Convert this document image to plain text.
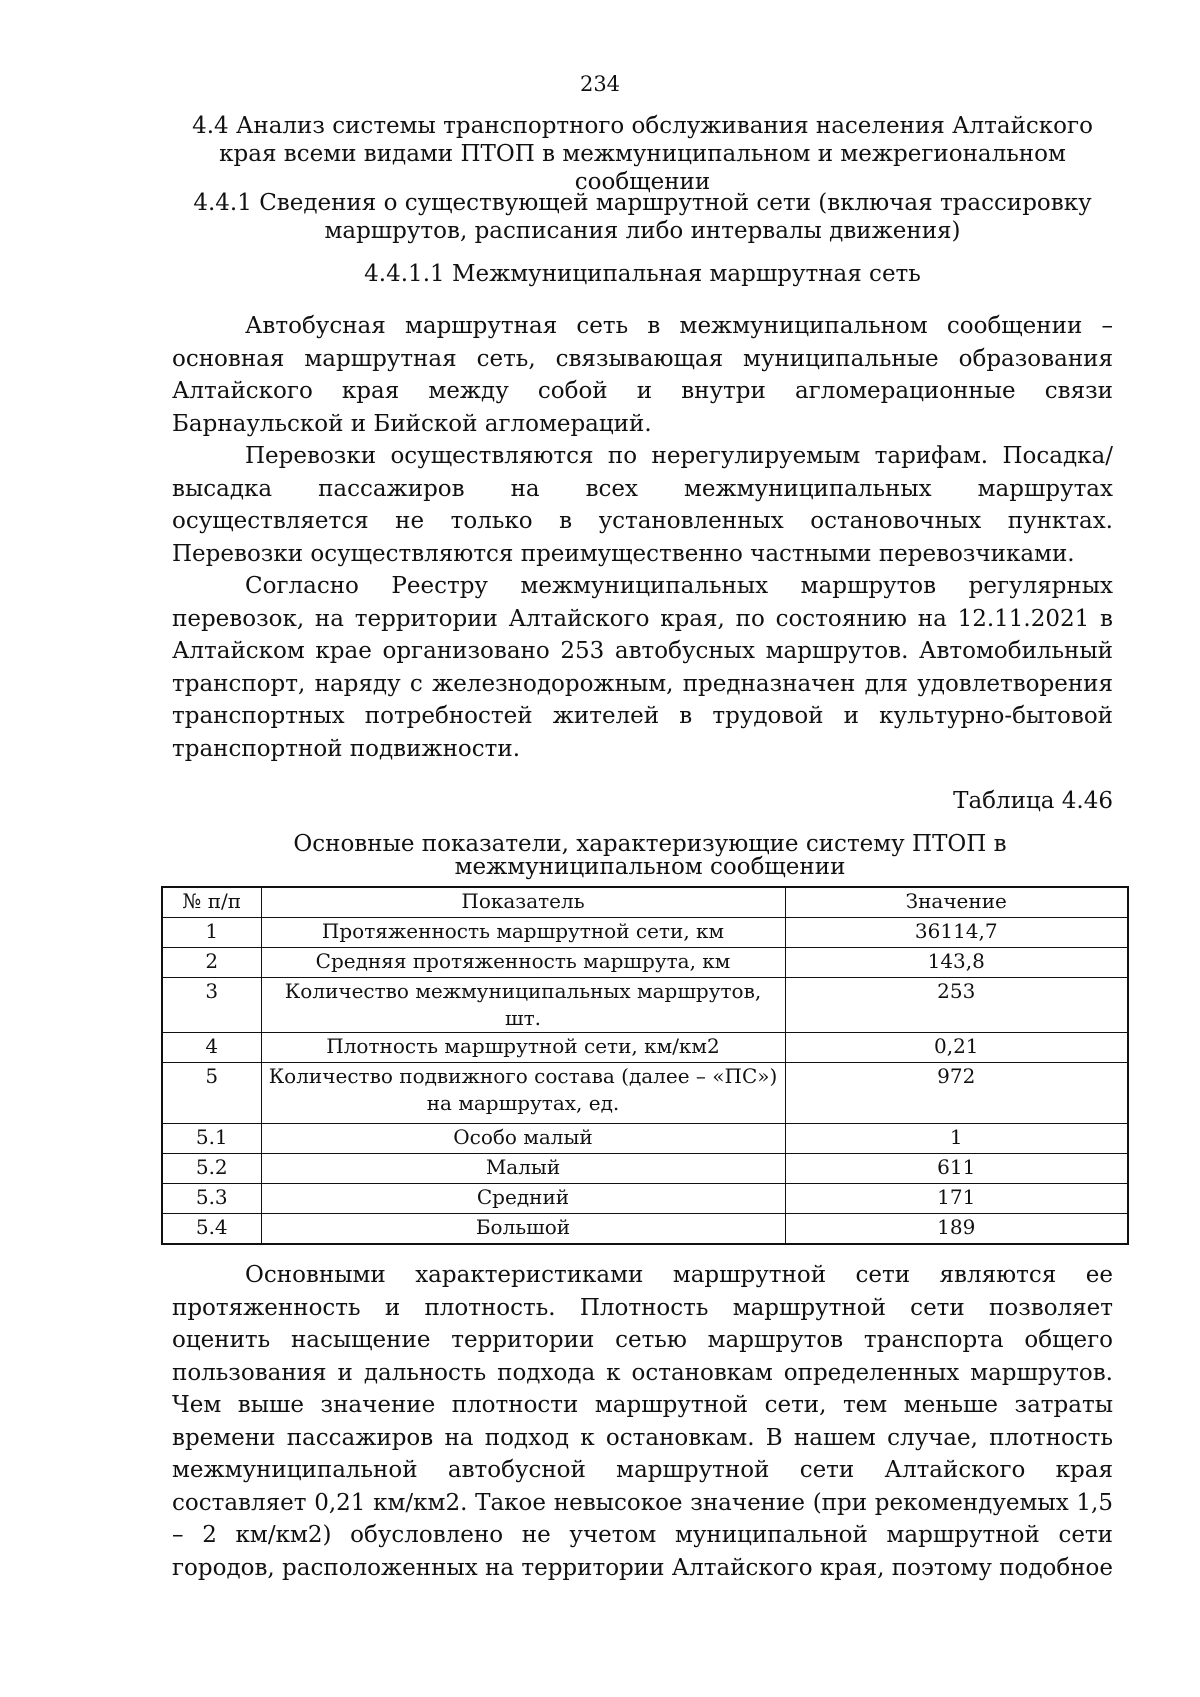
234
4.4 Анализ системы транспортного обслуживания населения Алтайского края всеми видами ПТОП в межмуниципальном и межрегиональном сообщении
4.4.1 Сведения о существующей маршрутной сети (включая трассировку маршрутов, расписания либо интервалы движения)
4.4.1.1 Межмуниципальная маршрутная сеть

Автобусная маршрутная сеть в межмуниципальном сообщении – основная маршрутная сеть, связывающая муниципальные образования Алтайского края между собой и внутри агломерационные связи Барнаульской и Бийской агломераций.

Перевозки осуществляются по нерегулируемым тарифам. Посадка/высадка пассажиров на всех межмуниципальных маршрутах осуществляется не только в установленных остановочных пунктах. Перевозки осуществляются преимущественно частными перевозчиками.

Согласно Реестру межмуниципальных маршрутов регулярных перевозок, на территории Алтайского края, по состоянию на 12.11.2021 в Алтайском крае организовано 253 автобусных маршрутов. Автомобильный транспорт, наряду с железнодорожным, предназначен для удовлетворения транспортных потребностей жителей в трудовой и культурно-бытовой транспортной подвижности.

Таблица 4.46
Основные показатели, характеризующие систему ПТОП в межмуниципальном сообщении
№ п/п	Показатель	Значение
1	Протяженность маршрутной сети, км	36114,7
2	Средняя протяженность маршрута, км	143,8
3	Количество межмуниципальных маршрутов, шт.	253
4	Плотность маршрутной сети, км/км2	0,21
5	Количество подвижного состава (далее – «ПС») на маршрутах, ед.	972
5.1	Особо малый	1
5.2	Малый	611
5.3	Средний	171
5.4	Большой	189

Основными характеристиками маршрутной сети являются ее протяженность и плотность. Плотность маршрутной сети позволяет оценить насыщение территории сетью маршрутов транспорта общего пользования и дальность подхода к остановкам определенных маршрутов. Чем выше значение плотности маршрутной сети, тем меньше затраты времени пассажиров на подход к остановкам. В нашем случае, плотность межмуниципальной автобусной маршрутной сети Алтайского края составляет 0,21 км/км2. Такое невысокое значение (при рекомендуемых 1,5 – 2 км/км2) обусловлено не учетом муниципальной маршрутной сети городов, расположенных на территории Алтайского края, поэтому подобное
